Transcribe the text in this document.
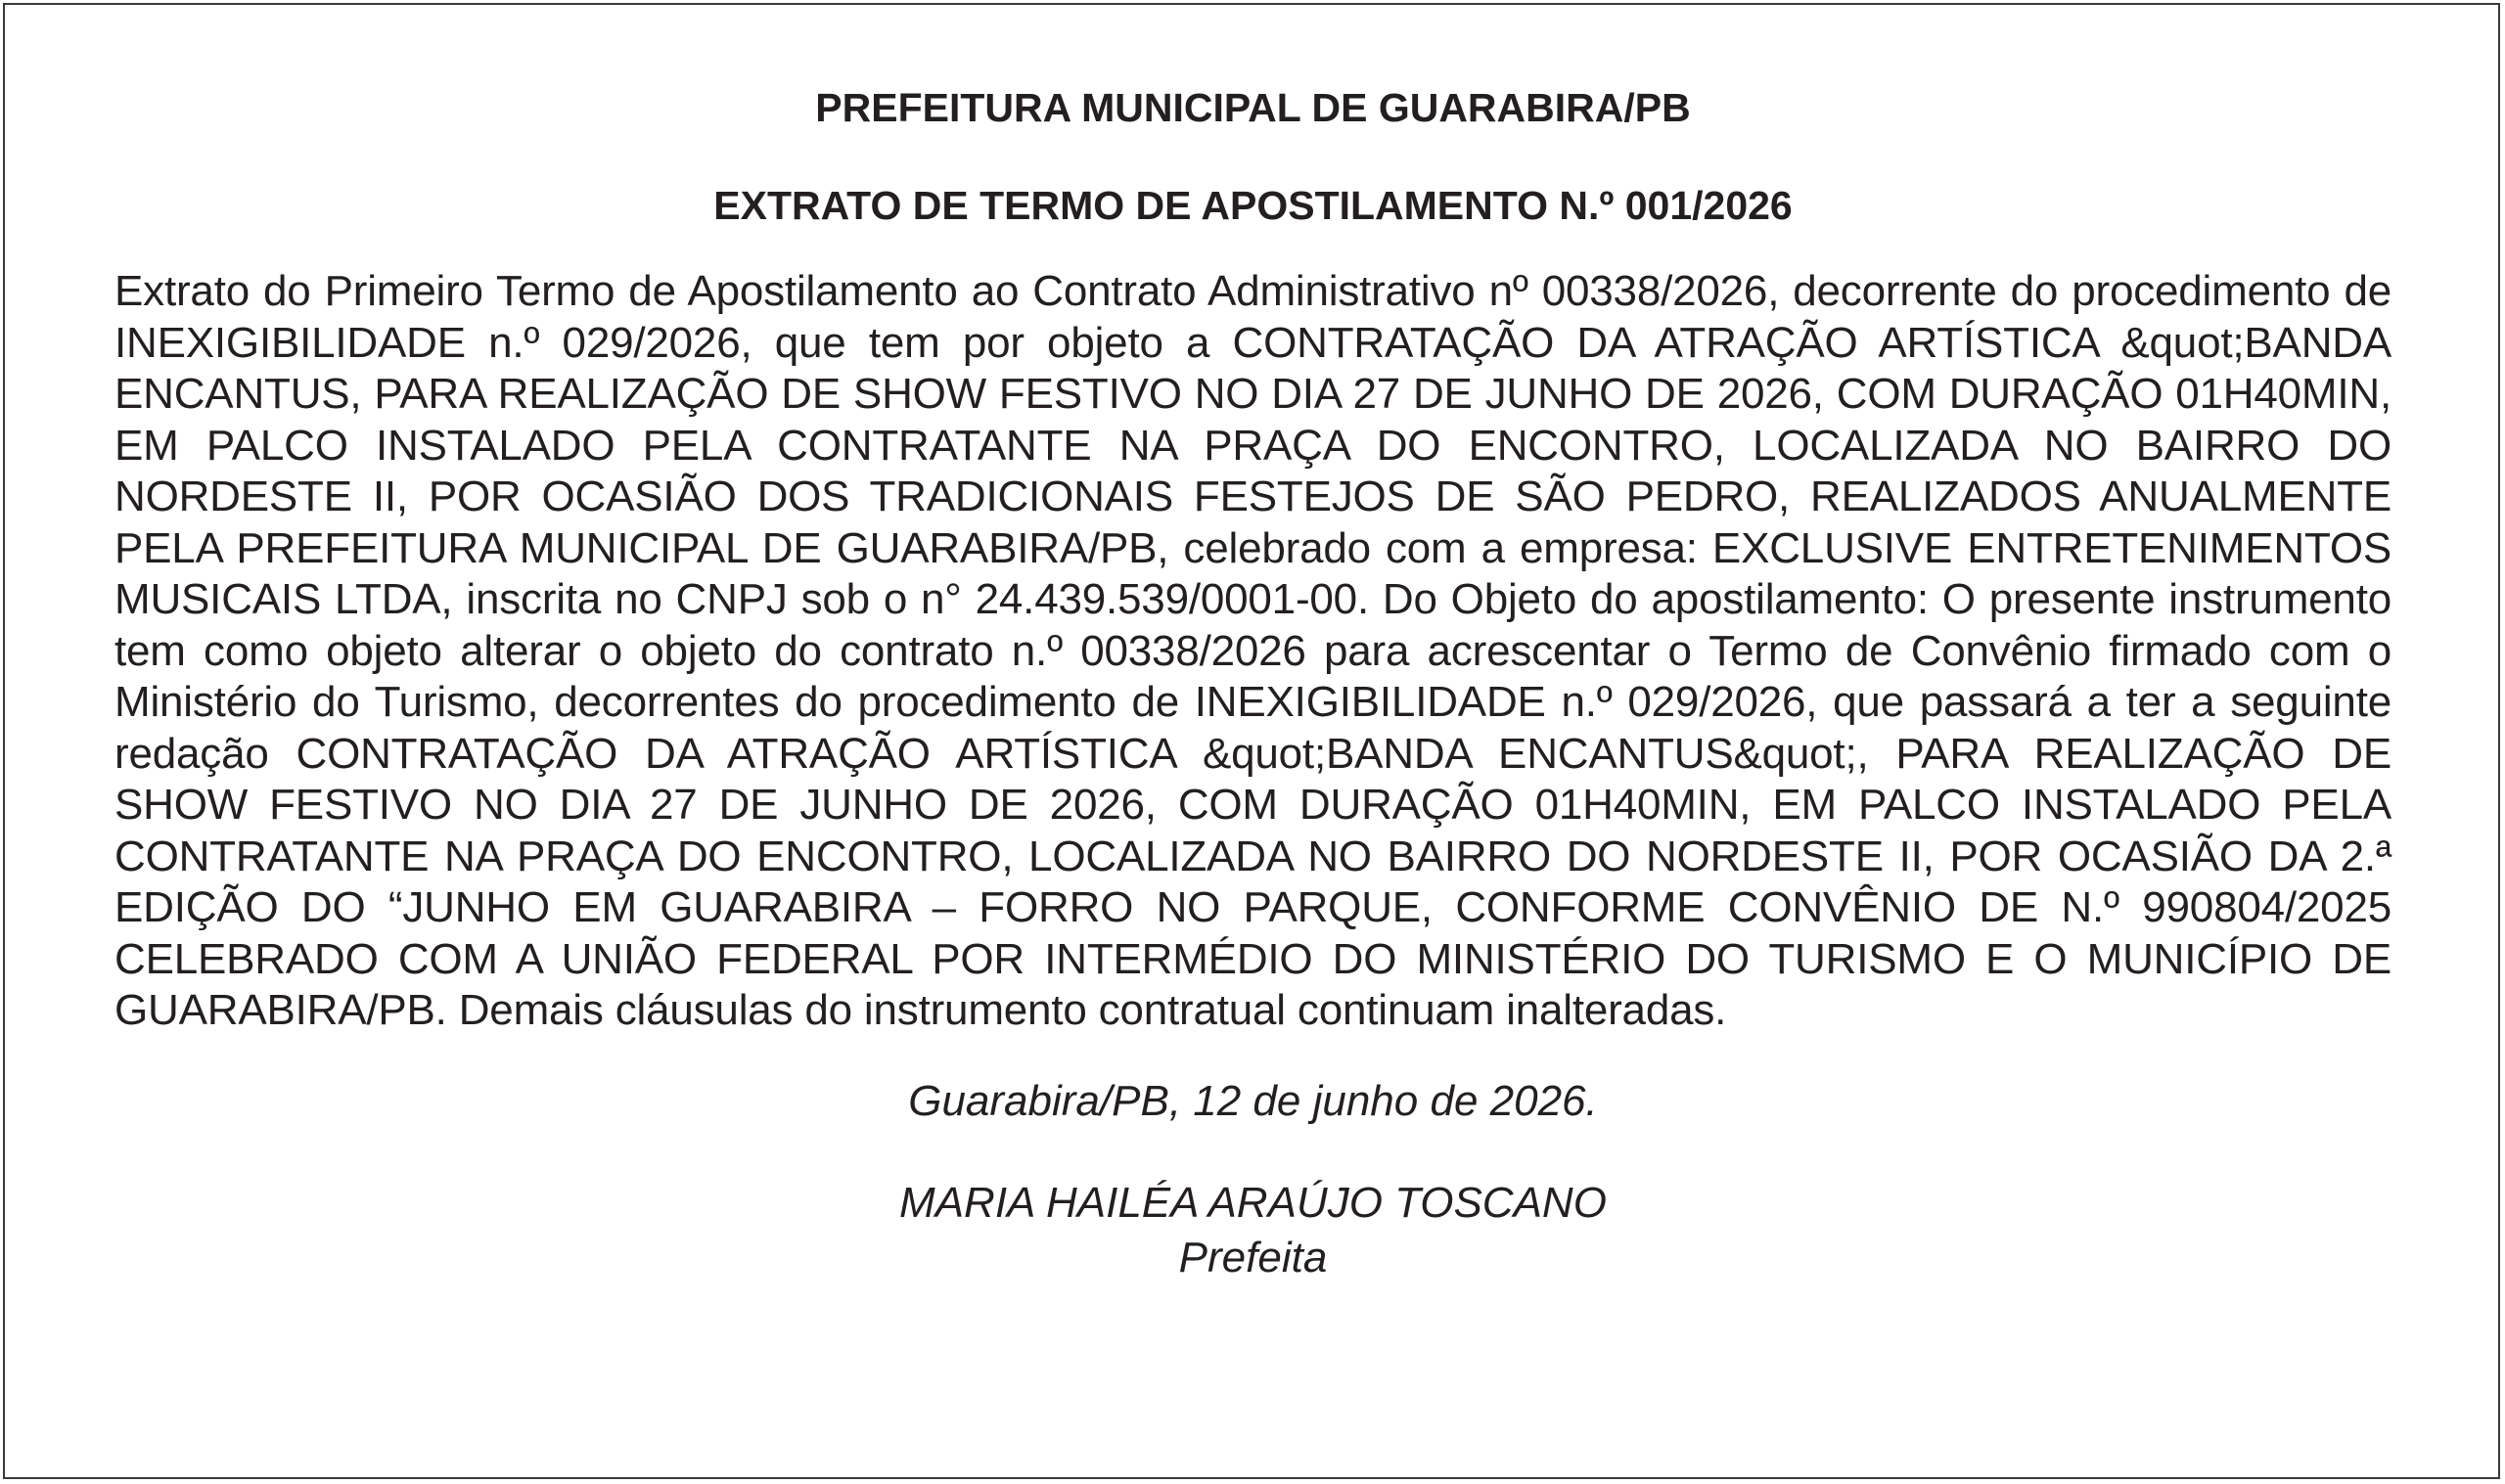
PREFEITURA MUNICIPAL DE GUARABIRA/PB
EXTRATO DE TERMO DE APOSTILAMENTO N.º 001/2026

Extrato do Primeiro Termo de Apostilamento ao Contrato Administrativo nº 00338/2026, decorrente do procedimento de INEXIGIBILIDADE n.º 029/2026, que tem por objeto a CONTRATAÇÃO DA ATRAÇÃO ARTÍSTICA &quot;BANDA ENCANTUS, PARA REALIZAÇÃO DE SHOW FESTIVO NO DIA 27 DE JUNHO DE 2026, COM DURAÇÃO 01H40MIN, EM PALCO INSTALADO PELA CONTRATANTE NA PRAÇA DO ENCONTRO, LOCALIZADA NO BAIRRO DO NORDESTE II, POR OCASIÃO DOS TRADICIONAIS FESTEJOS DE SÃO PEDRO, REALIZADOS ANUALMENTE PELA PREFEITURA MUNICIPAL DE GUARABIRA/PB, celebrado com a empresa: EXCLUSIVE ENTRETENIMENTOS MUSICAIS LTDA, inscrita no CNPJ sob o n° 24.439.539/0001-00. Do Objeto do apostilamento: O presente instrumento tem como objeto alterar o objeto do contrato n.º 00338/2026 para acrescentar o Termo de Convênio firmado com o Ministério do Turismo, decorrentes do procedimento de INEXIGIBILIDADE n.º 029/2026, que passará a ter a seguinte redação CONTRATAÇÃO DA ATRAÇÃO ARTÍSTICA &quot;BANDA ENCANTUS&quot;, PARA REALIZAÇÃO DE SHOW FESTIVO NO DIA 27 DE JUNHO DE 2026, COM DURAÇÃO 01H40MIN, EM PALCO INSTALADO PELA CONTRATANTE NA PRAÇA DO ENCONTRO, LOCALIZADA NO BAIRRO DO NORDESTE II, POR OCASIÃO DA 2.ª EDIÇÃO DO “JUNHO EM GUARABIRA – FORRO NO PARQUE, CONFORME CONVÊNIO DE N.º 990804/2025 CELEBRADO COM A UNIÃO FEDERAL POR INTERMÉDIO DO MINISTÉRIO DO TURISMO E O MUNICÍPIO DE GUARABIRA/PB. Demais cláusulas do instrumento contratual continuam inalteradas.

Guarabira/PB, 12 de junho de 2026.

MARIA HAILÉA ARAÚJO TOSCANO

Prefeita
